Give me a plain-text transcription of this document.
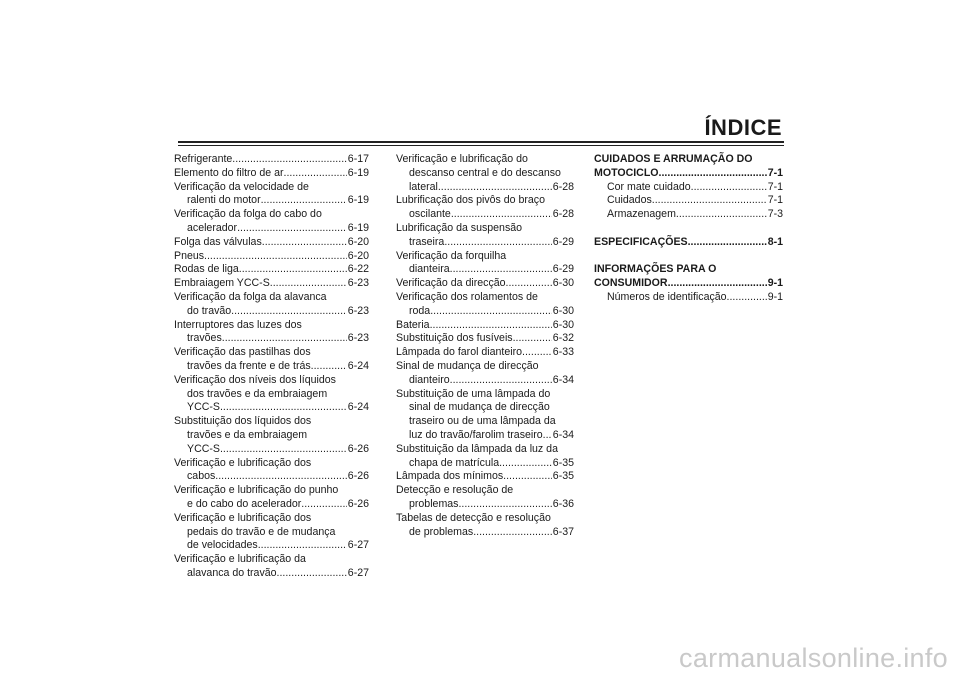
ÍNDICE
Refrigerante .....	6-17
Elemento do filtro de ar .....	6-19
Verificação da velocidade de
ralenti do motor .....	6-19
Verificação da folga do cabo do
acelerador .....	6-19
Folga das válvulas .....	6-20
Pneus .....	6-20
Rodas de liga .....	6-22
Embraiagem YCC-S .....	6-23
Verificação da folga da alavanca
do travão .....	6-23
Interruptores das luzes dos
travões .....	6-23
Verificação das pastilhas dos
travões da frente e de trás .....	6-24
Verificação dos níveis dos líquidos
dos travões e da embraiagem
YCC-S .....	6-24
Substituição dos líquidos dos
travões e da embraiagem
YCC-S .....	6-26
Verificação e lubrificação dos
cabos .....	6-26
Verificação e lubrificação do punho
e do cabo do acelerador .....	6-26
Verificação e lubrificação dos
pedais do travão e de mudança
de velocidades .....	6-27
Verificação e lubrificação da
alavanca do travão .....	6-27
Verificação e lubrificação do
descanso central e do descanso
lateral .....	6-28
Lubrificação dos pivôs do braço
oscilante .....	6-28
Lubrificação da suspensão
traseira .....	6-29
Verificação da forquilha
dianteira .....	6-29
Verificação da direcção .....	6-30
Verificação dos rolamentos de
roda .....	6-30
Bateria .....	6-30
Substituição dos fusíveis .....	6-32
Lâmpada do farol dianteiro .....	6-33
Sinal de mudança de direcção
dianteiro .....	6-34
Substituição de uma lâmpada do
sinal de mudança de direcção
traseiro ou de uma lâmpada da
luz do travão/farolim traseiro ..... 6-34
Substituição da lâmpada da luz da
chapa de matrícula .....	6-35
Lâmpada dos mínimos .....	6-35
Detecção e resolução de
problemas .....	6-36
Tabelas de detecção e resolução
de problemas .....	6-37
CUIDADOS E ARRUMAÇÃO DO
MOTOCICLO .....	7-1
Cor mate cuidado .....	7-1
Cuidados .....	7-1
Armazenagem .....	7-3
ESPECIFICAÇÕES .....	8-1
INFORMAÇÕES PARA O
CONSUMIDOR .....	9-1
Números de identificação .....	9-1
carmanualsonline.info
